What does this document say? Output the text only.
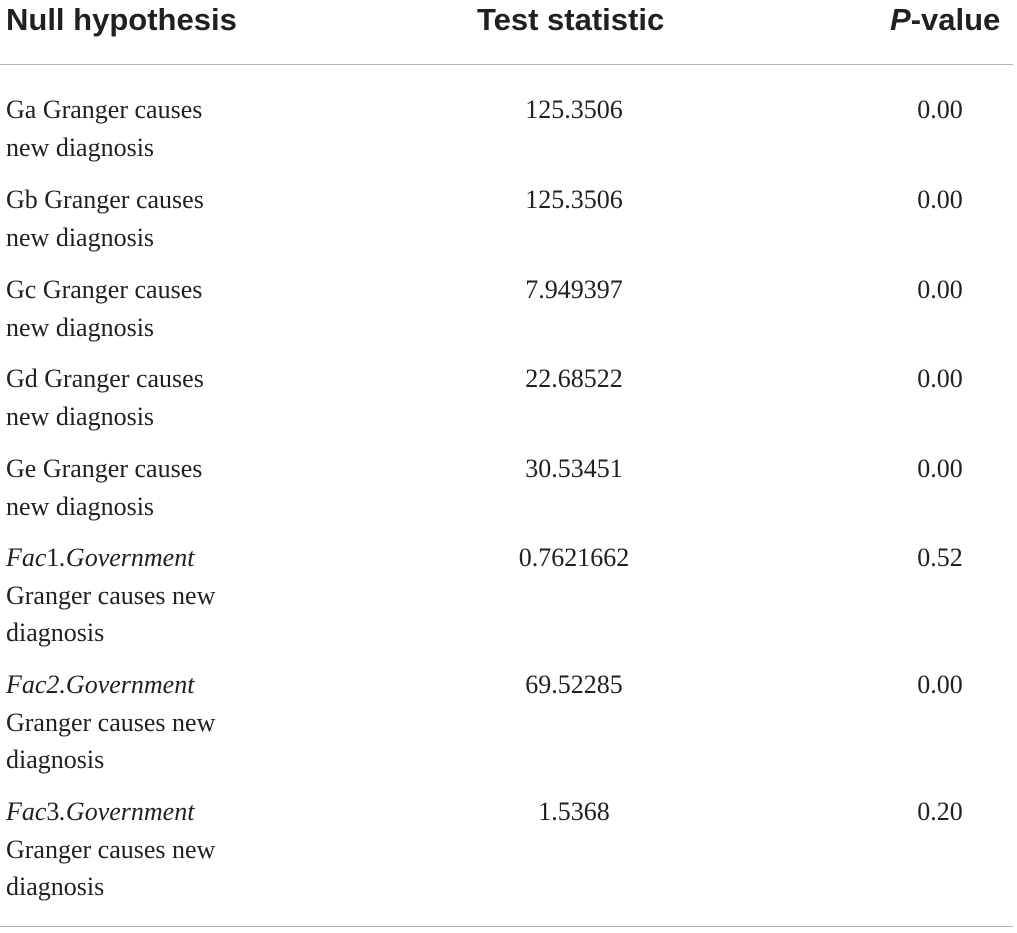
Null hypothesis	Test statistic	P-value
Ga Granger causes
new diagnosis
125.3506	0.00
Gb Granger causes
new diagnosis
125.3506	0.00
Gc Granger causes
new diagnosis
7.949397	0.00
Gd Granger causes
new diagnosis
22.68522	0.00
Ge Granger causes
new diagnosis
30.53451	0.00
Fac1.Government
Granger causes new
diagnosis
0.7621662	0.52
Fac2.Government
Granger causes new
diagnosis
69.52285	0.00
Fac3.Government
Granger causes new
diagnosis
1.5368	0.20
